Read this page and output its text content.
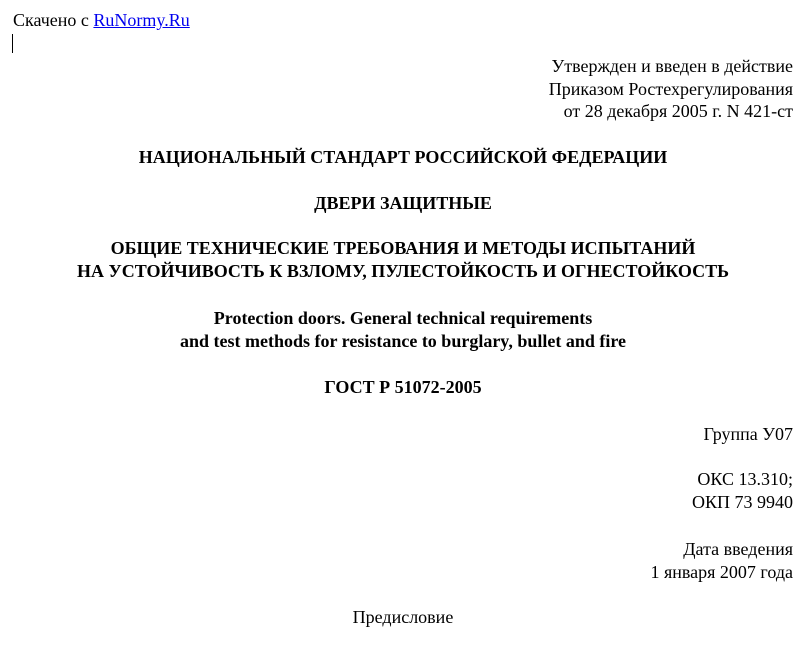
Скачено с RuNormy.Ru
Утвержден и введен в действие
Приказом Ростехрегулирования
от 28 декабря 2005 г. N 421-ст
НАЦИОНАЛЬНЫЙ СТАНДАРТ РОССИЙСКОЙ ФЕДЕРАЦИИ
ДВЕРИ ЗАЩИТНЫЕ
ОБЩИЕ ТЕХНИЧЕСКИЕ ТРЕБОВАНИЯ И МЕТОДЫ ИСПЫТАНИЙ
НА УСТОЙЧИВОСТЬ К ВЗЛОМУ, ПУЛЕСТОЙКОСТЬ И ОГНЕСТОЙКОСТЬ
Protection doors. General technical requirements
and test methods for resistance to burglary, bullet and fire
ГОСТ Р 51072-2005
Группа У07
ОКС 13.310;
ОКП 73 9940
Дата введения
1 января 2007 года
Предисловие
